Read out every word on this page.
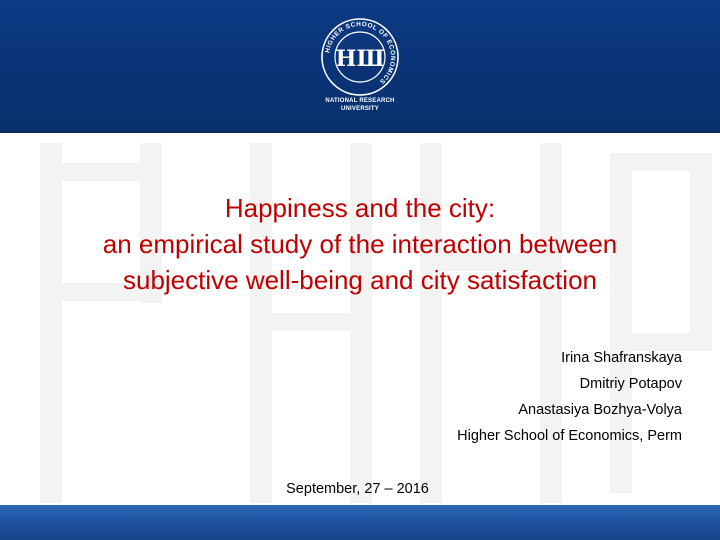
HIGHER SCHOOL OF ECONOMICS
НШ
NATIONAL RESEARCH
UNIVERSITY
Happiness and the city:
an empirical study of the interaction between
subjective well-being and city satisfaction
Irina Shafranskaya
Dmitriy Potapov
Anastasiya Bozhya-Volya
Higher School of Economics, Perm
September, 27 – 2016
